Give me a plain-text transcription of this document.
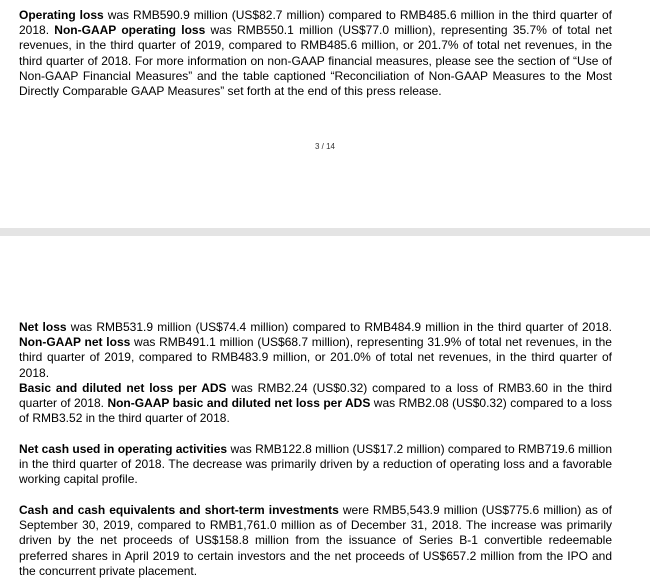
Operating loss was RMB590.9 million (US$82.7 million) compared to RMB485.6 million in the third quarter of 2018. Non-GAAP operating loss was RMB550.1 million (US$77.0 million), representing 35.7% of total net revenues, in the third quarter of 2019, compared to RMB485.6 million, or 201.7% of total net revenues, in the third quarter of 2018. For more information on non-GAAP financial measures, please see the section of “Use of Non-GAAP Financial Measures” and the table captioned “Reconciliation of Non-GAAP Measures to the Most Directly Comparable GAAP Measures” set forth at the end of this press release.

3 / 14

Net loss was RMB531.9 million (US$74.4 million) compared to RMB484.9 million in the third quarter of 2018. Non-GAAP net loss was RMB491.1 million (US$68.7 million), representing 31.9% of total net revenues, in the third quarter of 2019, compared to RMB483.9 million, or 201.0% of total net revenues, in the third quarter of 2018.

Basic and diluted net loss per ADS was RMB2.24 (US$0.32) compared to a loss of RMB3.60 in the third quarter of 2018. Non-GAAP basic and diluted net loss per ADS was RMB2.08 (US$0.32) compared to a loss of RMB3.52 in the third quarter of 2018.

Net cash used in operating activities was RMB122.8 million (US$17.2 million) compared to RMB719.6 million in the third quarter of 2018. The decrease was primarily driven by a reduction of operating loss and a favorable working capital profile.

Cash and cash equivalents and short-term investments were RMB5,543.9 million (US$775.6 million) as of September 30, 2019, compared to RMB1,761.0 million as of December 31, 2018. The increase was primarily driven by the net proceeds of US$158.8 million from the issuance of Series B-1 convertible redeemable preferred shares in April 2019 to certain investors and the net proceeds of US$657.2 million from the IPO and the concurrent private placement.
